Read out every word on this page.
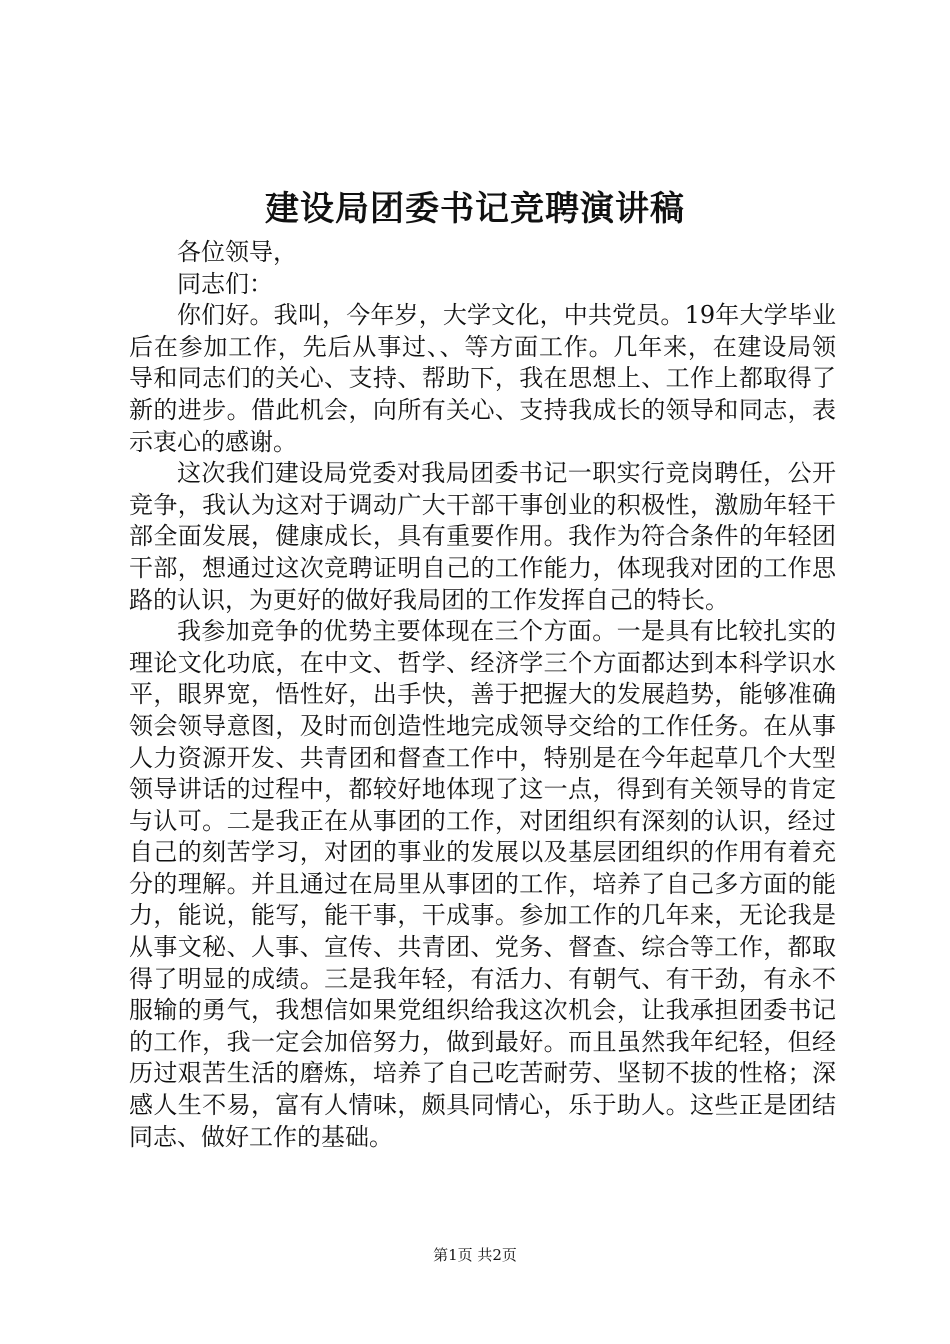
建设局团委书记竞聘演讲稿

各位领导，

同志们：

你们好。我叫，今年岁，大学文化，中共党员。19年大学毕业后在参加工作，先后从事过、、等方面工作。几年来，在建设局领导和同志们的关心、支持、帮助下，我在思想上、工作上都取得了新的进步。借此机会，向所有关心、支持我成长的领导和同志，表示衷心的感谢。

这次我们建设局党委对我局团委书记一职实行竞岗聘任，公开竞争，我认为这对于调动广大干部干事创业的积极性，激励年轻干部全面发展，健康成长，具有重要作用。我作为符合条件的年轻团干部，想通过这次竞聘证明自己的工作能力，体现我对团的工作思路的认识，为更好的做好我局团的工作发挥自己的特长。

我参加竞争的优势主要体现在三个方面。一是具有比较扎实的理论文化功底，在中文、哲学、经济学三个方面都达到本科学识水平，眼界宽，悟性好，出手快，善于把握大的发展趋势，能够准确领会领导意图，及时而创造性地完成领导交给的工作任务。在从事人力资源开发、共青团和督查工作中，特别是在今年起草几个大型领导讲话的过程中，都较好地体现了这一点，得到有关领导的肯定与认可。二是我正在从事团的工作，对团组织有深刻的认识，经过自己的刻苦学习，对团的事业的发展以及基层团组织的作用有着充分的理解。并且通过在局里从事团的工作，培养了自己多方面的能力，能说，能写，能干事，干成事。参加工作的几年来，无论我是从事文秘、人事、宣传、共青团、党务、督查、综合等工作，都取得了明显的成绩。三是我年轻，有活力、有朝气、有干劲，有永不服输的勇气，我想信如果党组织给我这次机会，让我承担团委书记的工作，我一定会加倍努力，做到最好。而且虽然我年纪轻，但经历过艰苦生活的磨炼，培养了自己吃苦耐劳、坚韧不拔的性格；深感人生不易，富有人情味，颇具同情心，乐于助人。这些正是团结同志、做好工作的基础。

第1页 共2页
